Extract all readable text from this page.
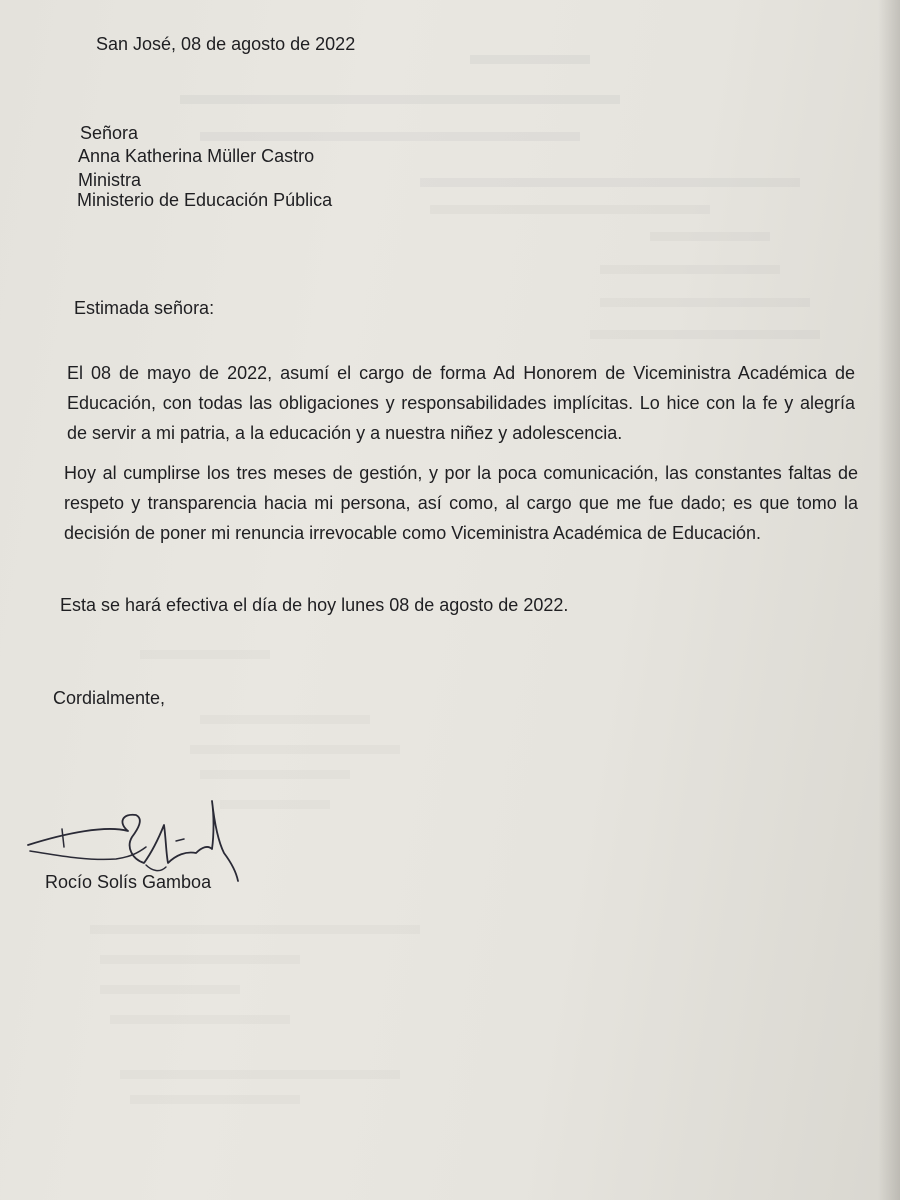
San José, 08 de agosto de 2022
Señora
Anna Katherina Müller Castro
Ministra
Ministerio de Educación Pública
Estimada señora:
El 08 de mayo de 2022, asumí el cargo de forma Ad Honorem de Viceministra Académica de Educación, con todas las obligaciones y responsabilidades implícitas. Lo hice con la fe y alegría de servir a mi patria, a la educación y a nuestra niñez y adolescencia.
Hoy al cumplirse los tres meses de gestión, y por la poca comunicación, las constantes faltas de respeto y transparencia hacia mi persona, así como, al cargo que me fue dado; es que tomo la decisión de poner mi renuncia irrevocable como Viceministra Académica de Educación.
Esta se hará efectiva el día de hoy lunes 08 de agosto de 2022.
Cordialmente,
Rocío Solís Gamboa
